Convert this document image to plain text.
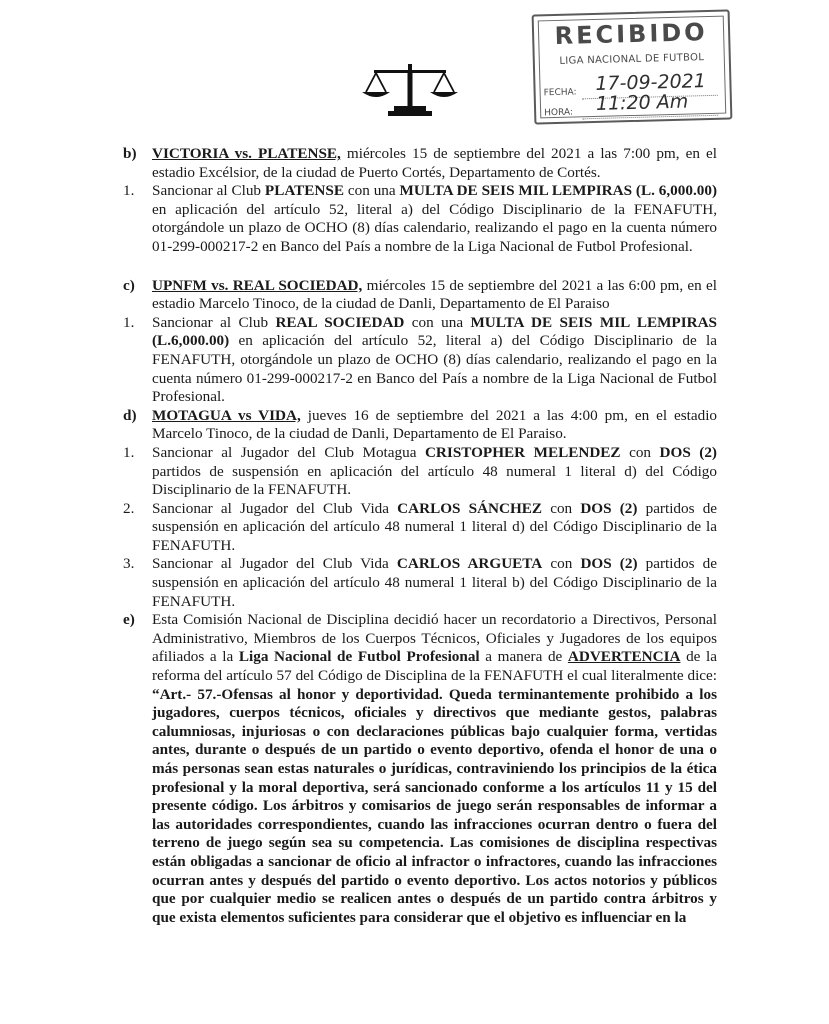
RECIBIDO
LIGA NACIONAL DE FUTBOL
FECHA: 17-09-2021
HORA: 11:20 Am
b) VICTORIA vs. PLATENSE, miércoles 15 de septiembre del 2021 a las 7:00 pm, en el estadio Excélsior, de la ciudad de Puerto Cortés, Departamento de Cortés.
1. Sancionar al Club PLATENSE con una MULTA DE SEIS MIL LEMPIRAS (L. 6,000.00) en aplicación del artículo 52, literal a) del Código Disciplinario de la FENAFUTH, otorgándole un plazo de OCHO (8) días calendario, realizando el pago en la cuenta número 01-299-000217-2 en Banco del País a nombre de la Liga Nacional de Futbol Profesional.
c) UPNFM vs. REAL SOCIEDAD, miércoles 15 de septiembre del 2021 a las 6:00 pm, en el estadio Marcelo Tinoco, de la ciudad de Danli, Departamento de El Paraiso
1. Sancionar al Club REAL SOCIEDAD con una MULTA DE SEIS MIL LEMPIRAS (L.6,000.00) en aplicación del artículo 52, literal a) del Código Disciplinario de la FENAFUTH, otorgándole un plazo de OCHO (8) días calendario, realizando el pago en la cuenta número 01-299-000217-2 en Banco del País a nombre de la Liga Nacional de Futbol Profesional.
d) MOTAGUA vs VIDA, jueves 16 de septiembre del 2021 a las 4:00 pm, en el estadio Marcelo Tinoco, de la ciudad de Danli, Departamento de El Paraiso.
1. Sancionar al Jugador del Club Motagua CRISTOPHER MELENDEZ con DOS (2) partidos de suspensión en aplicación del artículo 48 numeral 1 literal d) del Código Disciplinario de la FENAFUTH.
2. Sancionar al Jugador del Club Vida CARLOS SÁNCHEZ con DOS (2) partidos de suspensión en aplicación del artículo 48 numeral 1 literal d) del Código Disciplinario de la FENAFUTH.
3. Sancionar al Jugador del Club Vida CARLOS ARGUETA con DOS (2) partidos de suspensión en aplicación del artículo 48 numeral 1 literal b) del Código Disciplinario de la FENAFUTH.
e) Esta Comisión Nacional de Disciplina decidió hacer un recordatorio a Directivos, Personal Administrativo, Miembros de los Cuerpos Técnicos, Oficiales y Jugadores de los equipos afiliados a la Liga Nacional de Futbol Profesional a manera de ADVERTENCIA de la reforma del artículo 57 del Código de Disciplina de la FENAFUTH el cual literalmente dice: “Art.- 57.-Ofensas al honor y deportividad. Queda terminantemente prohibido a los jugadores, cuerpos técnicos, oficiales y directivos que mediante gestos, palabras calumniosas, injuriosas o con declaraciones públicas bajo cualquier forma, vertidas antes, durante o después de un partido o evento deportivo, ofenda el honor de una o más personas sean estas naturales o jurídicas, contraviniendo los principios de la ética profesional y la moral deportiva, será sancionado conforme a los artículos 11 y 15 del presente código. Los árbitros y comisarios de juego serán responsables de informar a las autoridades correspondientes, cuando las infracciones ocurran dentro o fuera del terreno de juego según sea su competencia. Las comisiones de disciplina respectivas están obligadas a sancionar de oficio al infractor o infractores, cuando las infracciones ocurran antes y después del partido o evento deportivo. Los actos notorios y públicos que por cualquier medio se realicen antes o después de un partido contra árbitros y que exista elementos suficientes para considerar que el objetivo es influenciar en la
